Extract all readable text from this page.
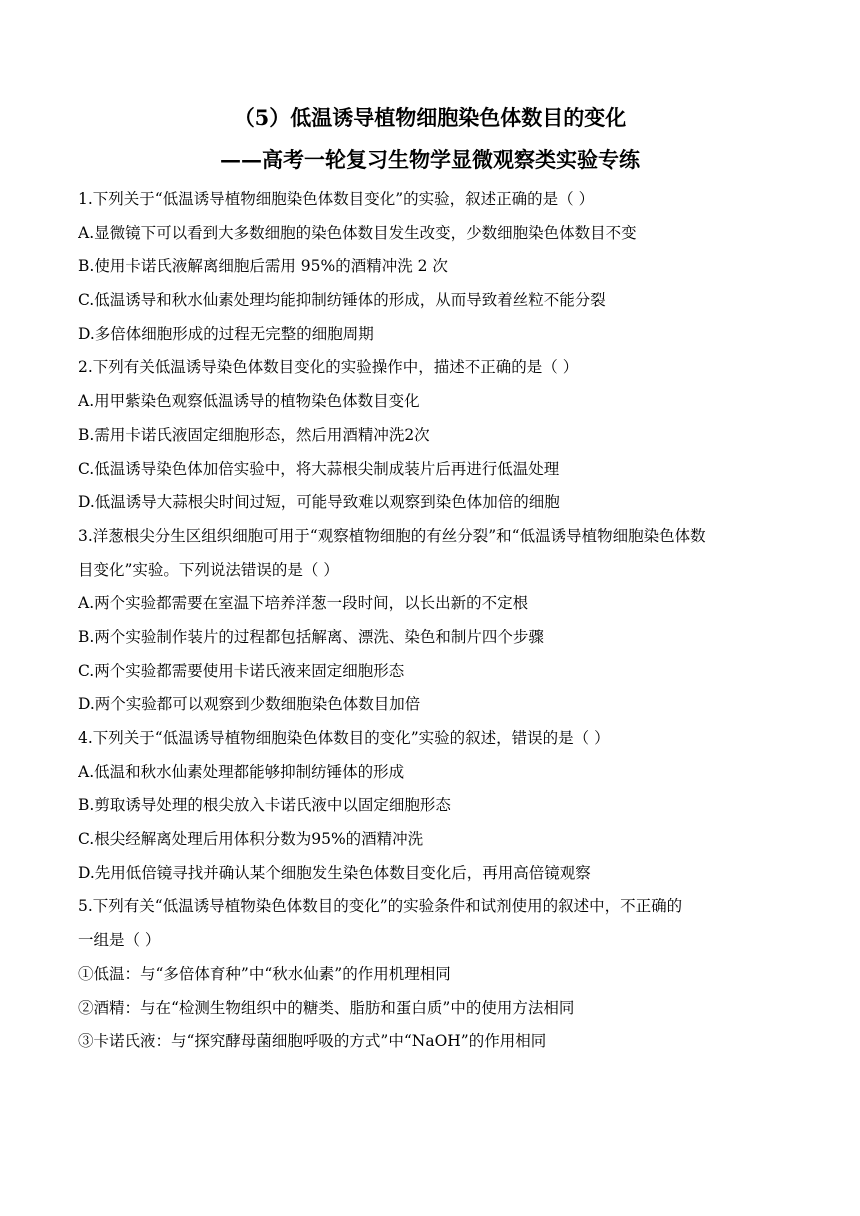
（5）低温诱导植物细胞染色体数目的变化
——高考一轮复习生物学显微观察类实验专练
1.下列关于“低温诱导植物细胞染色体数目变化”的实验，叙述正确的是（ ）
A.显微镜下可以看到大多数细胞的染色体数目发生改变，少数细胞染色体数目不变
B.使用卡诺氏液解离细胞后需用 95%的酒精冲洗 2 次
C.低温诱导和秋水仙素处理均能抑制纺锤体的形成，从而导致着丝粒不能分裂
D.多倍体细胞形成的过程无完整的细胞周期
2.下列有关低温诱导染色体数目变化的实验操作中，描述不正确的是（ ）
A.用甲紫染色观察低温诱导的植物染色体数目变化
B.需用卡诺氏液固定细胞形态，然后用酒精冲洗2次
C.低温诱导染色体加倍实验中，将大蒜根尖制成装片后再进行低温处理
D.低温诱导大蒜根尖时间过短，可能导致难以观察到染色体加倍的细胞
3.洋葱根尖分生区组织细胞可用于“观察植物细胞的有丝分裂”和“低温诱导植物细胞染色体数
目变化”实验。下列说法错误的是（ ）
A.两个实验都需要在室温下培养洋葱一段时间，以长出新的不定根
B.两个实验制作装片的过程都包括解离、漂洗、染色和制片四个步骤
C.两个实验都需要使用卡诺氏液来固定细胞形态
D.两个实验都可以观察到少数细胞染色体数目加倍
4.下列关于“低温诱导植物细胞染色体数目的变化”实验的叙述，错误的是（ ）
A.低温和秋水仙素处理都能够抑制纺锤体的形成
B.剪取诱导处理的根尖放入卡诺氏液中以固定细胞形态
C.根尖经解离处理后用体积分数为95%的酒精冲洗
D.先用低倍镜寻找并确认某个细胞发生染色体数目变化后，再用高倍镜观察
5.下列有关“低温诱导植物染色体数目的变化”的实验条件和试剂使用的叙述中，不正确的
一组是（ ）
①低温：与“多倍体育种”中“秋水仙素”的作用机理相同
②酒精：与在“检测生物组织中的糖类、脂肪和蛋白质”中的使用方法相同
③卡诺氏液：与“探究酵母菌细胞呼吸的方式”中“NaOH”的作用相同
